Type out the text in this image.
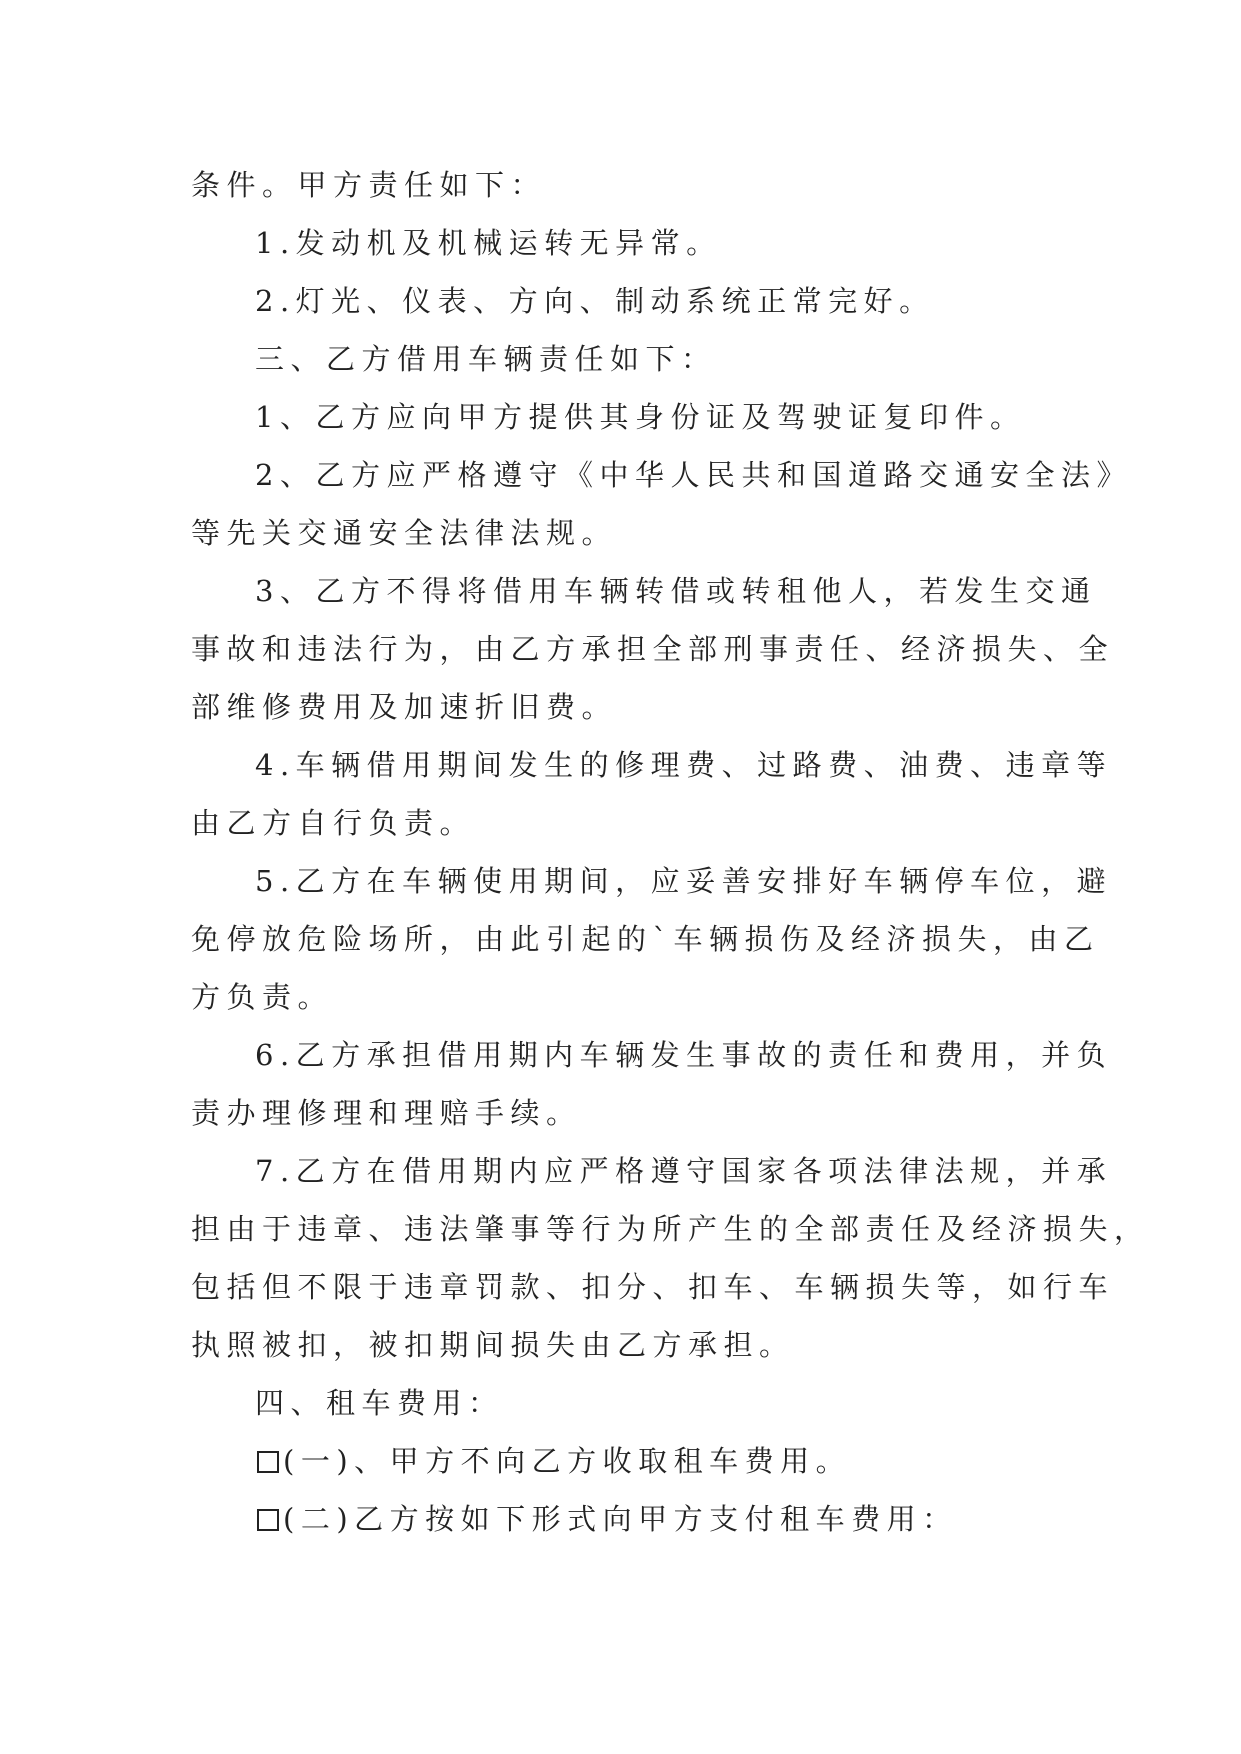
条件。甲方责任如下：
1.发动机及机械运转无异常。
2.灯光、仪表、方向、制动系统正常完好。
三、乙方借用车辆责任如下：
1、乙方应向甲方提供其身份证及驾驶证复印件。
2、乙方应严格遵守《中华人民共和国道路交通安全法》
等先关交通安全法律法规。
3、乙方不得将借用车辆转借或转租他人，若发生交通
事故和违法行为，由乙方承担全部刑事责任、经济损失、全
部维修费用及加速折旧费。
4.车辆借用期间发生的修理费、过路费、油费、违章等
由乙方自行负责。
5.乙方在车辆使用期间，应妥善安排好车辆停车位，避
免停放危险场所，由此引起的`车辆损伤及经济损失，由乙
方负责。
6.乙方承担借用期内车辆发生事故的责任和费用，并负
责办理修理和理赔手续。
7.乙方在借用期内应严格遵守国家各项法律法规，并承
担由于违章、违法肇事等行为所产生的全部责任及经济损失，
包括但不限于违章罚款、扣分、扣车、车辆损失等，如行车
执照被扣，被扣期间损失由乙方承担。
四、租车费用：
(一)、甲方不向乙方收取租车费用。
(二)乙方按如下形式向甲方支付租车费用：
